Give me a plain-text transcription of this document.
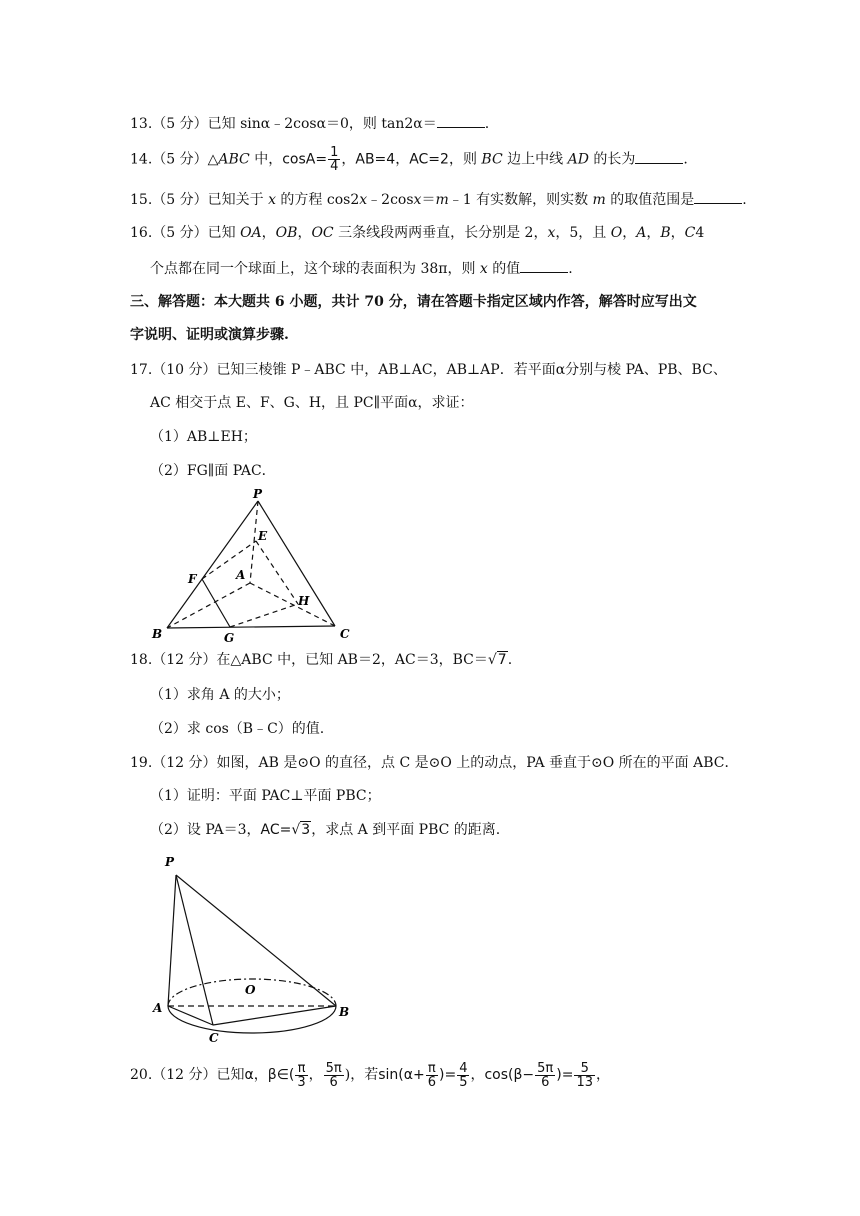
13.（5 分）已知 sinα﹣2cosα＝0，则 tan2α＝	.
14.（5 分）△ABC 中，$\cos A= \frac{1}{4}$ ，AB=4，AC=2，则 BC 边上中线 AD 的长为	.
15.（5 分）已知关于 x 的方程 cos2x﹣2cosx＝m﹣1 有实数解，则实数 m 的取值范围是	.
16.（5 分）已知 OA，OB，OC 三条线段两两垂直，长分别是 2，x，5，且 O，A，B，C4
个点都在同一个球面上，这个球的表面积为 38π，则 x 的值	.
三、解答题：本大题共 6 小题，共计 70 分，请在答题卡指定区域内作答，解答时应写出文
字说明、证明或演算步骤.
17.（10 分）已知三棱锥 P﹣ABC 中，AB⊥AC，AB⊥AP．若平面α分别与棱 PA、PB、BC、
AC 相交于点 E、F、G、H，且 PC∥平面α，求证：
（1）AB⊥EH；
（2）FG∥面 PAC．
P
E
F	A
H
B	G	C
18.（12 分）在△ABC 中，已知 AB＝2，AC＝3，BC＝√7.
（1）求角 A 的大小；
（2）求 cos（B﹣C）的值.
19.（12 分）如图，AB 是⊙O 的直径，点 C 是⊙O 上的动点，PA 垂直于⊙O 所在的平面 ABC．
（1）证明：平面 PAC⊥平面 PBC；
（2）设 PA＝3，AC=√3，求点 A 到平面 PBC 的距离.
P
O
A	B
C
20.（12 分）已知α，β∈( $\frac{\pi}{3}$ ， $\frac{5\pi}{6}$ )，若$\sin(\alpha+ \frac{\pi}{6}$ )= $\frac{4}{5}$ ，$\cos(\beta- \frac{5\pi}{6}$ )= $\frac{5}{13}$ ，
